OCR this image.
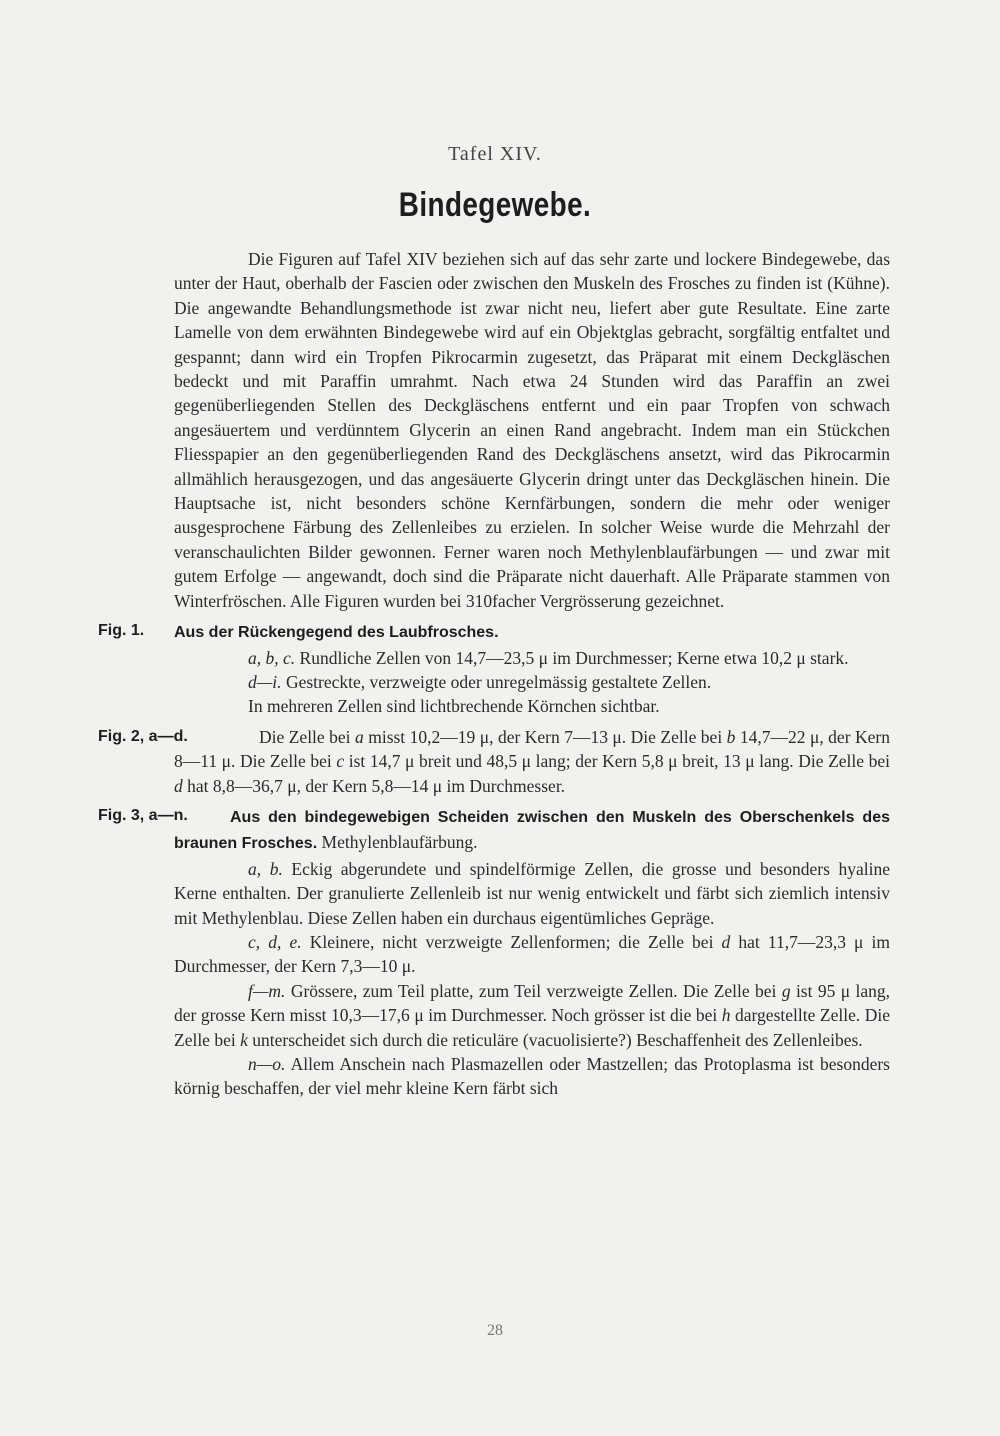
Tafel XIV.
Bindegewebe.

Die Figuren auf Tafel XIV beziehen sich auf das sehr zarte und lockere Bindegewebe, das unter der Haut, oberhalb der Fascien oder zwischen den Muskeln des Frosches zu finden ist (Kühne). Die angewandte Behandlungsmethode ist zwar nicht neu, liefert aber gute Resultate. Eine zarte Lamelle von dem erwähnten Bindegewebe wird auf ein Objektglas gebracht, sorgfältig entfaltet und gespannt; dann wird ein Tropfen Pikrocarmin zugesetzt, das Präparat mit einem Deckgläschen bedeckt und mit Paraffin umrahmt. Nach etwa 24 Stunden wird das Paraffin an zwei gegenüberliegenden Stellen des Deckgläschens entfernt und ein paar Tropfen von schwach angesäuertem und verdünntem Glycerin an einen Rand angebracht. Indem man ein Stückchen Fliesspapier an den gegenüberliegenden Rand des Deckgläschens ansetzt, wird das Pikrocarmin allmählich herausgezogen, und das angesäuerte Glycerin dringt unter das Deckgläschen hinein. Die Hauptsache ist, nicht besonders schöne Kernfärbungen, sondern die mehr oder weniger ausgesprochene Färbung des Zellenleibes zu erzielen. In solcher Weise wurde die Mehrzahl der veranschaulichten Bilder gewonnen. Ferner waren noch Methylenblaufärbungen — und zwar mit gutem Erfolge — angewandt, doch sind die Präparate nicht dauerhaft. Alle Präparate stammen von Winterfröschen. Alle Figuren wurden bei 310facher Vergrösserung gezeichnet.

Fig. 1. Aus der Rückengegend des Laubfrosches.

a, b, c. Rundliche Zellen von 14,7—23,5 μ im Durchmesser; Kerne etwa 10,2 μ stark.

d—i. Gestreckte, verzweigte oder unregelmässig gestaltete Zellen.

In mehreren Zellen sind lichtbrechende Körnchen sichtbar.

Fig. 2, a—d.	Die Zelle bei a misst 10,2—19 μ, der Kern 7—13 μ. Die Zelle bei b 14,7—22 μ, der Kern 8—11 μ. Die Zelle bei c ist 14,7 μ breit und 48,5 μ lang; der Kern 5,8 μ breit, 13 μ lang. Die Zelle bei d hat 8,8—36,7 μ, der Kern 5,8—14 μ im Durchmesser.

Fig. 3, a—n.	Aus den bindegewebigen Scheiden zwischen den Muskeln des Oberschenkels des braunen Frosches. Methylenblaufärbung.

a, b. Eckig abgerundete und spindelförmige Zellen, die grosse und besonders hyaline Kerne enthalten. Der granulierte Zellenleib ist nur wenig entwickelt und färbt sich ziemlich intensiv mit Methylenblau. Diese Zellen haben ein durchaus eigentümliches Gepräge.

c, d, e. Kleinere, nicht verzweigte Zellenformen; die Zelle bei d hat 11,7—23,3 μ im Durchmesser, der Kern 7,3—10 μ.

f—m. Grössere, zum Teil platte, zum Teil verzweigte Zellen. Die Zelle bei g ist 95 μ lang, der grosse Kern misst 10,3—17,6 μ im Durchmesser. Noch grösser ist die bei h dargestellte Zelle. Die Zelle bei k unterscheidet sich durch die reticuläre (vacuolisierte?) Beschaffenheit des Zellenleibes.

n—o. Allem Anschein nach Plasmazellen oder Mastzellen; das Protoplasma ist besonders körnig beschaffen, der viel mehr kleine Kern färbt sich

28
